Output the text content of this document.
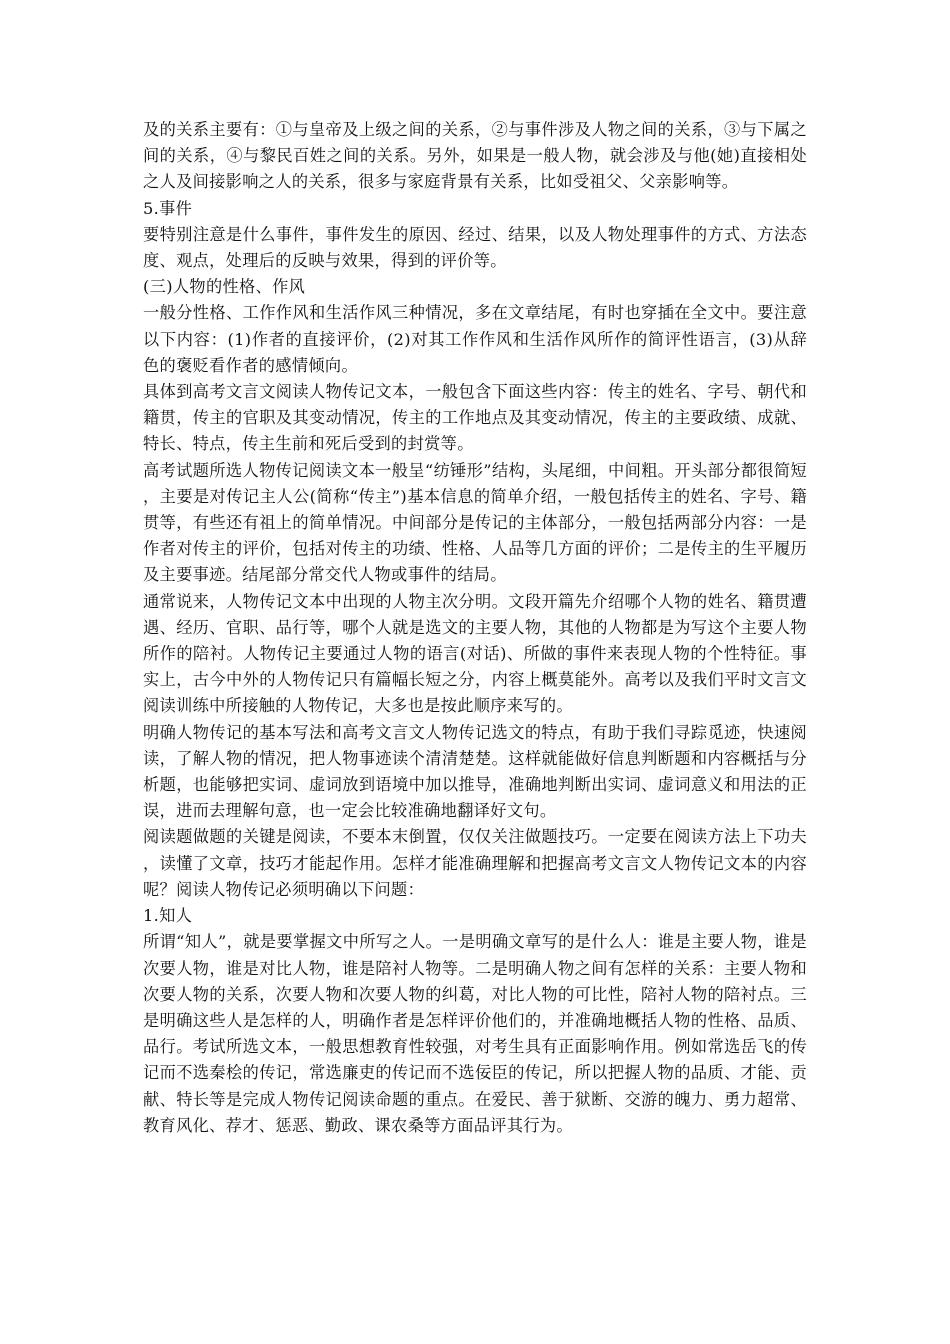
及的关系主要有：①与皇帝及上级之间的关系，②与事件涉及人物之间的关系，③与下属之间的关系，④与黎民百姓之间的关系。另外，如果是一般人物，就会涉及与他(她)直接相处之人及间接影响之人的关系，很多与家庭背景有关系，比如受祖父、父亲影响等。

5.事件

要特别注意是什么事件，事件发生的原因、经过、结果，以及人物处理事件的方式、方法态度、观点，处理后的反映与效果，得到的评价等。

(三)人物的性格、作风

一般分性格、工作作风和生活作风三种情况，多在文章结尾，有时也穿插在全文中。要注意以下内容：(1)作者的直接评价，(2)对其工作作风和生活作风所作的简评性语言，(3)从辞色的褒贬看作者的感情倾向。

具体到高考文言文阅读人物传记文本，一般包含下面这些内容：传主的姓名、字号、朝代和籍贯，传主的官职及其变动情况，传主的工作地点及其变动情况，传主的主要政绩、成就、特长、特点，传主生前和死后受到的封赏等。

高考试题所选人物传记阅读文本一般呈“纺锤形”结构，头尾细，中间粗。开头部分都很简短，主要是对传记主人公(简称“传主”)基本信息的简单介绍，一般包括传主的姓名、字号、籍贯等，有些还有祖上的简单情况。中间部分是传记的主体部分，一般包括两部分内容：一是作者对传主的评价，包括对传主的功绩、性格、人品等几方面的评价；二是传主的生平履历及主要事迹。结尾部分常交代人物或事件的结局。

通常说来，人物传记文本中出现的人物主次分明。文段开篇先介绍哪个人物的姓名、籍贯遭遇、经历、官职、品行等，哪个人就是选文的主要人物，其他的人物都是为写这个主要人物所作的陪衬。人物传记主要通过人物的语言(对话)、所做的事件来表现人物的个性特征。事实上，古今中外的人物传记只有篇幅长短之分，内容上概莫能外。高考以及我们平时文言文阅读训练中所接触的人物传记，大多也是按此顺序来写的。

明确人物传记的基本写法和高考文言文人物传记选文的特点，有助于我们寻踪觅迹，快速阅读，了解人物的情况，把人物事迹读个清清楚楚。这样就能做好信息判断题和内容概括与分析题，也能够把实词、虚词放到语境中加以推导，准确地判断出实词、虚词意义和用法的正误，进而去理解句意，也一定会比较准确地翻译好文句。

阅读题做题的关键是阅读，不要本末倒置，仅仅关注做题技巧。一定要在阅读方法上下功夫，读懂了文章，技巧才能起作用。怎样才能准确理解和把握高考文言文人物传记文本的内容呢？阅读人物传记必须明确以下问题：

1.知人

所谓“知人”，就是要掌握文中所写之人。一是明确文章写的是什么人：谁是主要人物，谁是次要人物，谁是对比人物，谁是陪衬人物等。二是明确人物之间有怎样的关系：主要人物和次要人物的关系，次要人物和次要人物的纠葛，对比人物的可比性，陪衬人物的陪衬点。三是明确这些人是怎样的人，明确作者是怎样评价他们的，并准确地概括人物的性格、品质、品行。考试所选文本，一般思想教育性较强，对考生具有正面影响作用。例如常选岳飞的传记而不选秦桧的传记，常选廉吏的传记而不选佞臣的传记，所以把握人物的品质、才能、贡献、特长等是完成人物传记阅读命题的重点。在爱民、善于狱断、交游的魄力、勇力超常、教育风化、荐才、惩恶、勤政、课农桑等方面品评其行为。
